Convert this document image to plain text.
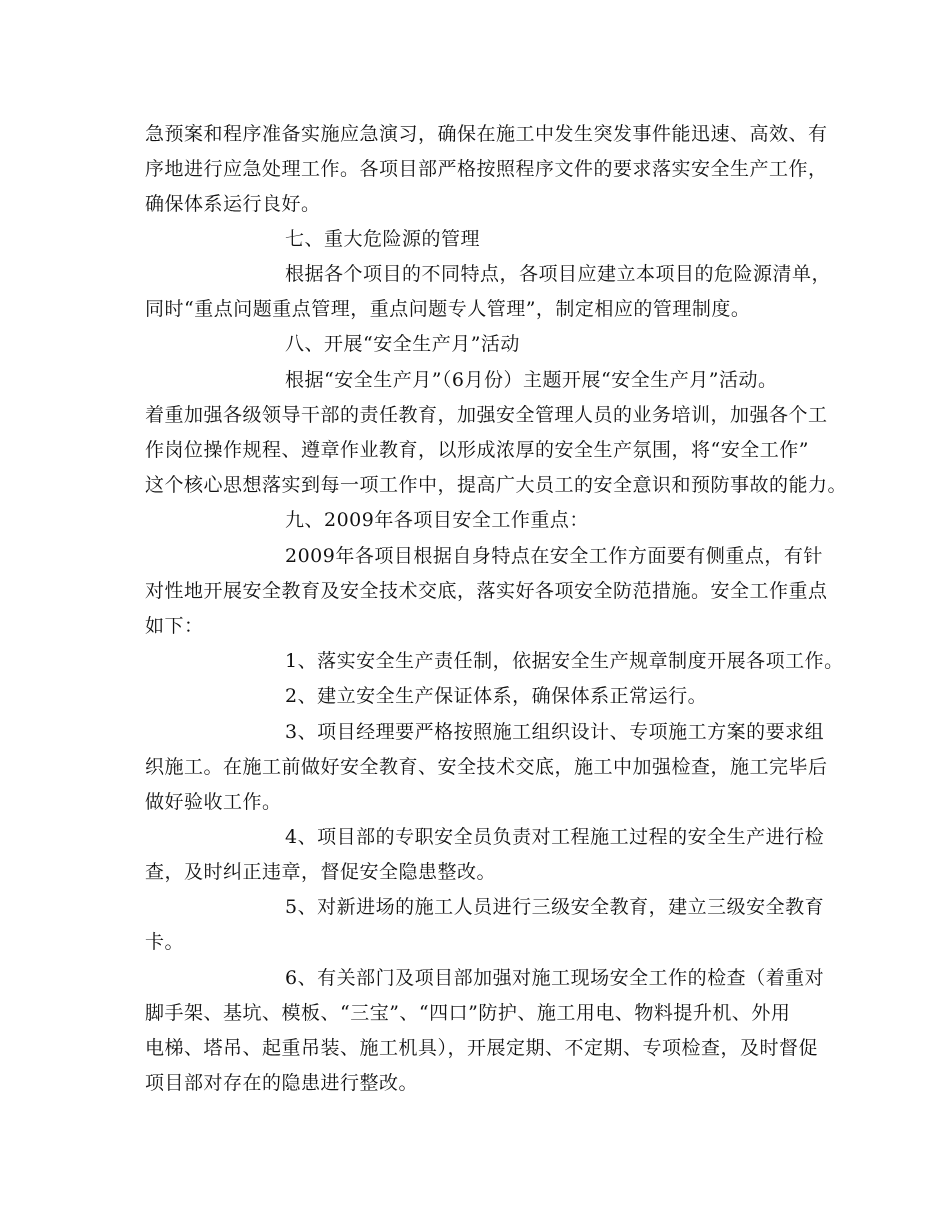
急预案和程序准备实施应急演习，确保在施工中发生突发事件能迅速、高效、有
序地进行应急处理工作。各项目部严格按照程序文件的要求落实安全生产工作，
确保体系运行良好。
七、重大危险源的管理
根据各个项目的不同特点，各项目应建立本项目的危险源清单，
同时“重点问题重点管理，重点问题专人管理”，制定相应的管理制度。
八、开展“安全生产月”活动
根据“安全生产月”（6月份）主题开展“安全生产月”活动。
着重加强各级领导干部的责任教育，加强安全管理人员的业务培训，加强各个工
作岗位操作规程、遵章作业教育，以形成浓厚的安全生产氛围，将“安全工作”
这个核心思想落实到每一项工作中，提高广大员工的安全意识和预防事故的能力。
九、2009年各项目安全工作重点：
2009年各项目根据自身特点在安全工作方面要有侧重点，有针
对性地开展安全教育及安全技术交底，落实好各项安全防范措施。安全工作重点
如下：
1、落实安全生产责任制，依据安全生产规章制度开展各项工作。
2、建立安全生产保证体系，确保体系正常运行。
3、项目经理要严格按照施工组织设计、专项施工方案的要求组
织施工。在施工前做好安全教育、安全技术交底，施工中加强检查，施工完毕后
做好验收工作。
4、项目部的专职安全员负责对工程施工过程的安全生产进行检
查，及时纠正违章，督促安全隐患整改。
5、对新进场的施工人员进行三级安全教育，建立三级安全教育
卡。
6、有关部门及项目部加强对施工现场安全工作的检查（着重对
脚手架、基坑、模板、“三宝”、“四口”防护、施工用电、物料提升机、外用
电梯、塔吊、起重吊装、施工机具），开展定期、不定期、专项检查，及时督促
项目部对存在的隐患进行整改。
